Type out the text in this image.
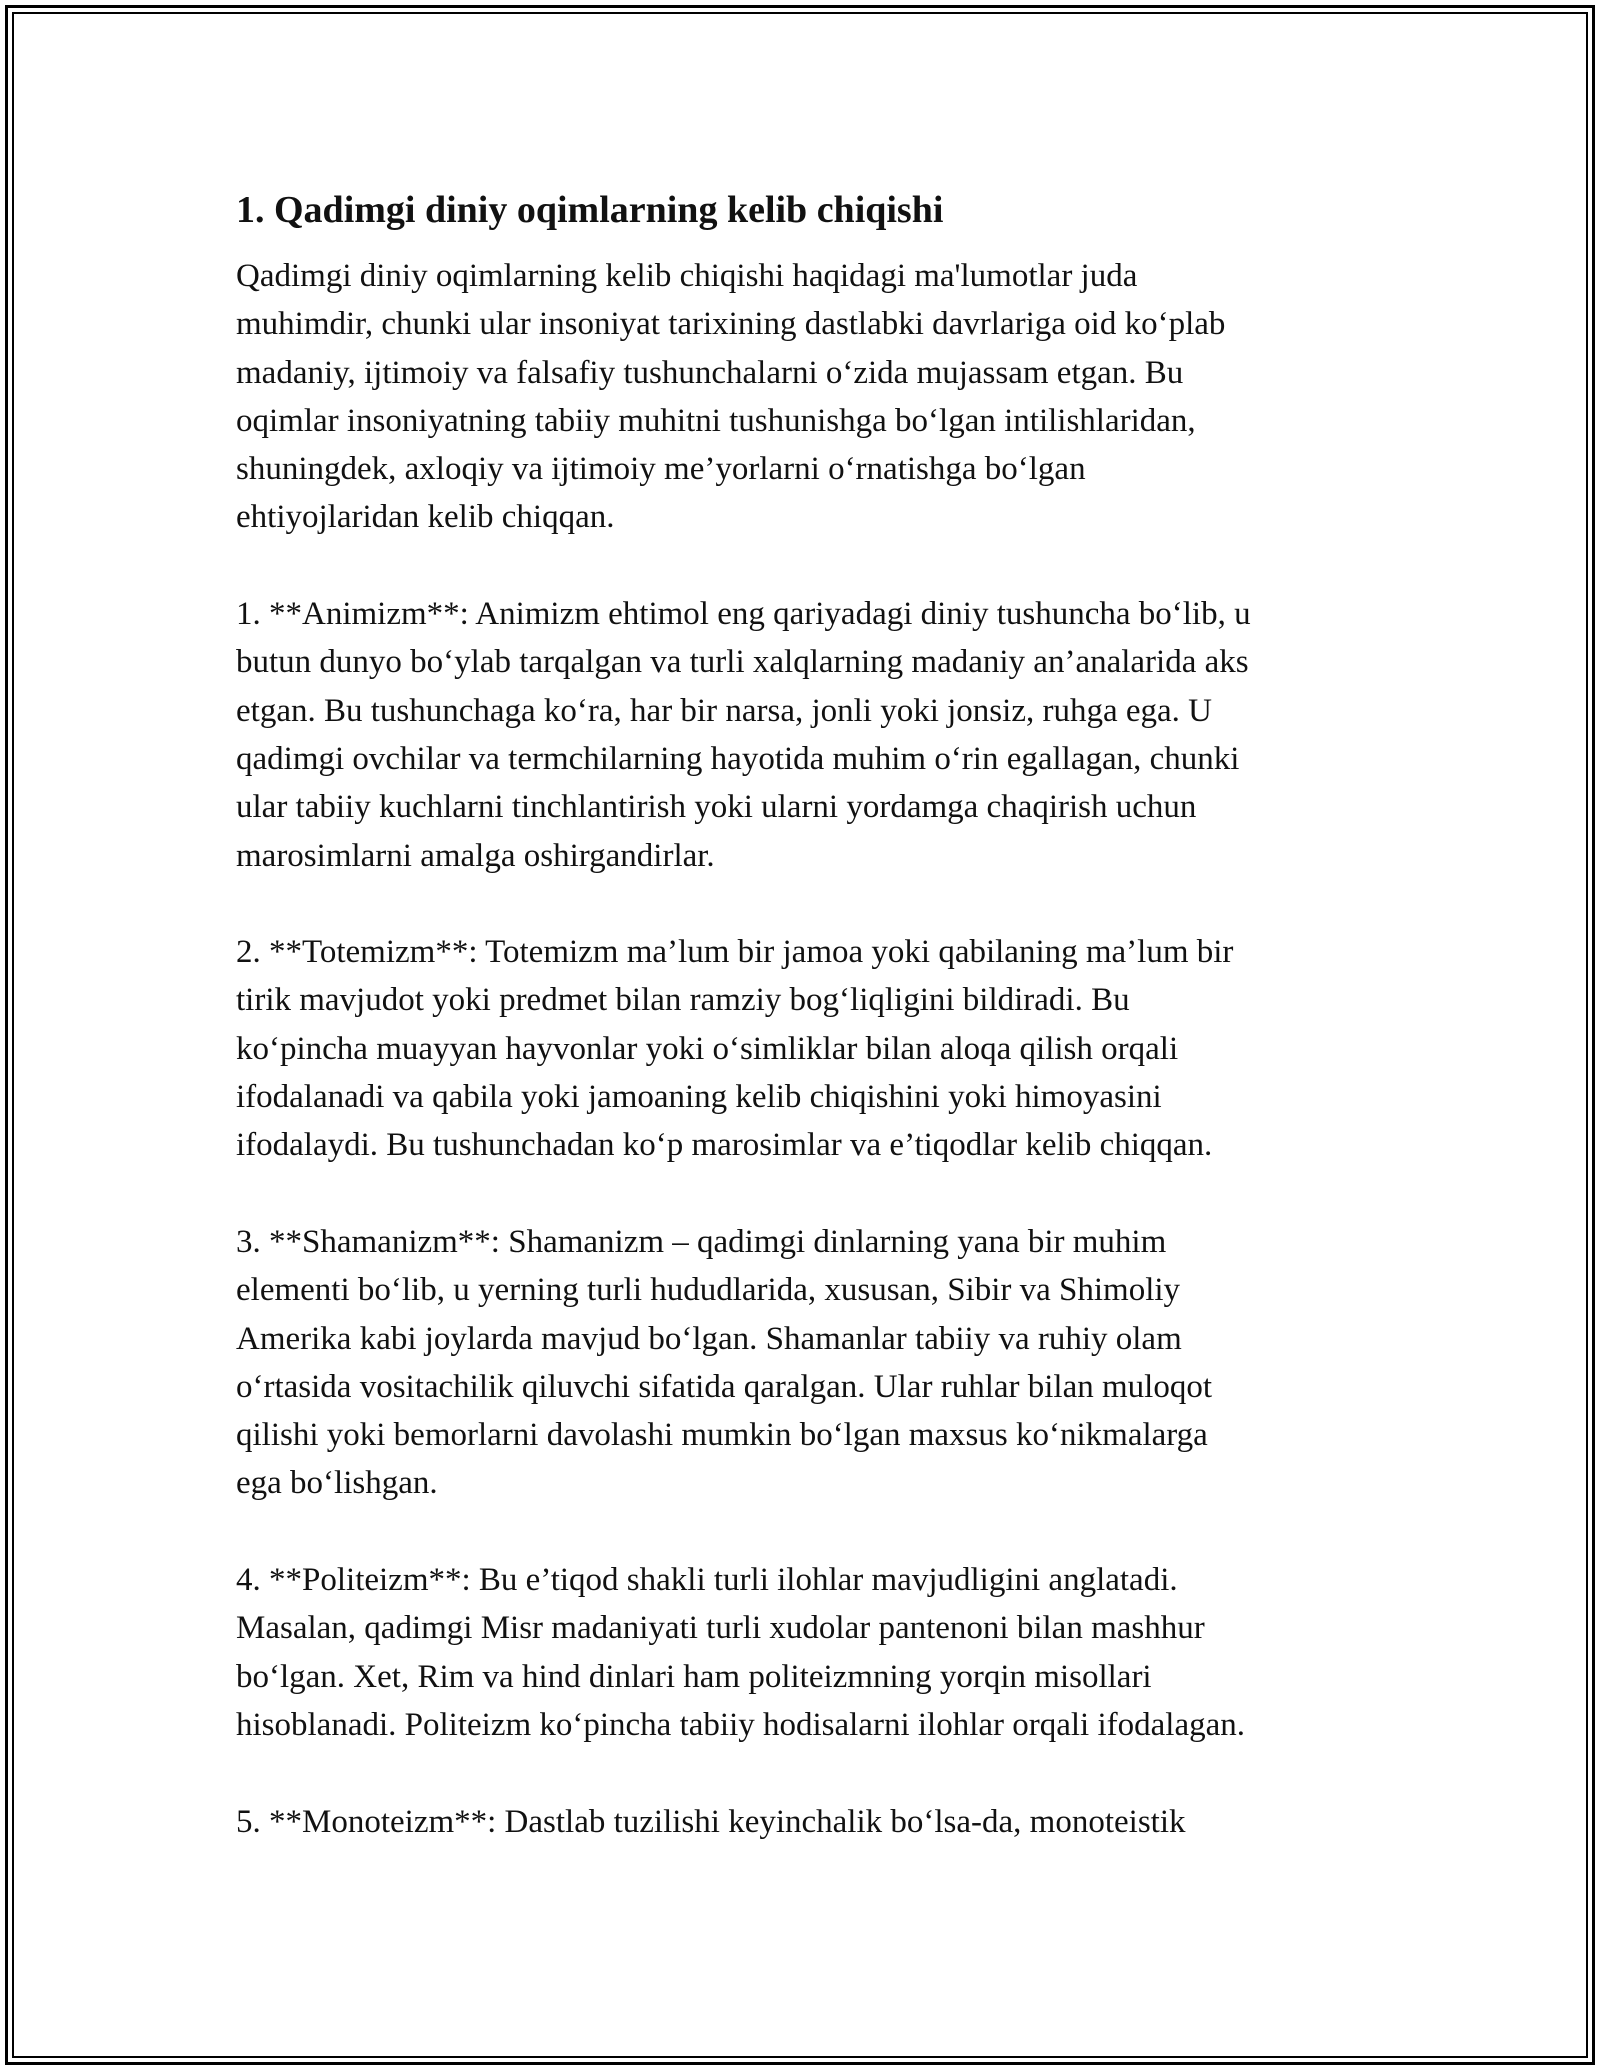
1. Qadimgi diniy oqimlarning kelib chiqishi

Qadimgi diniy oqimlarning kelib chiqishi haqidagi ma'lumotlar juda
muhimdir, chunki ular insoniyat tarixining dastlabki davrlariga oid ko‘plab
madaniy, ijtimoiy va falsafiy tushunchalarni o‘zida mujassam etgan. Bu
oqimlar insoniyatning tabiiy muhitni tushunishga bo‘lgan intilishlaridan,
shuningdek, axloqiy va ijtimoiy me’yorlarni o‘rnatishga bo‘lgan
ehtiyojlaridan kelib chiqqan.

1. **Animizm**: Animizm ehtimol eng qariyadagi diniy tushuncha bo‘lib, u
butun dunyo bo‘ylab tarqalgan va turli xalqlarning madaniy an’analarida aks
etgan. Bu tushunchaga ko‘ra, har bir narsa, jonli yoki jonsiz, ruhga ega. U
qadimgi ovchilar va termchilarning hayotida muhim o‘rin egallagan, chunki
ular tabiiy kuchlarni tinchlantirish yoki ularni yordamga chaqirish uchun
marosimlarni amalga oshirgandirlar.

2. **Totemizm**: Totemizm ma’lum bir jamoa yoki qabilaning ma’lum bir
tirik mavjudot yoki predmet bilan ramziy bog‘liqligini bildiradi. Bu
ko‘pincha muayyan hayvonlar yoki o‘simliklar bilan aloqa qilish orqali
ifodalanadi va qabila yoki jamoaning kelib chiqishini yoki himoyasini
ifodalaydi. Bu tushunchadan ko‘p marosimlar va e’tiqodlar kelib chiqqan.

3. **Shamanizm**: Shamanizm – qadimgi dinlarning yana bir muhim
elementi bo‘lib, u yerning turli hududlarida, xususan, Sibir va Shimoliy
Amerika kabi joylarda mavjud bo‘lgan. Shamanlar tabiiy va ruhiy olam
o‘rtasida vositachilik qiluvchi sifatida qaralgan. Ular ruhlar bilan muloqot
qilishi yoki bemorlarni davolashi mumkin bo‘lgan maxsus ko‘nikmalarga
ega bo‘lishgan.

4. **Politeizm**: Bu e’tiqod shakli turli ilohlar mavjudligini anglatadi.
Masalan, qadimgi Misr madaniyati turli xudolar pantenoni bilan mashhur
bo‘lgan. Xet, Rim va hind dinlari ham politeizmning yorqin misollari
hisoblanadi. Politeizm ko‘pincha tabiiy hodisalarni ilohlar orqali ifodalagan.

5. **Monoteizm**: Dastlab tuzilishi keyinchalik bo‘lsa-da, monoteistik
